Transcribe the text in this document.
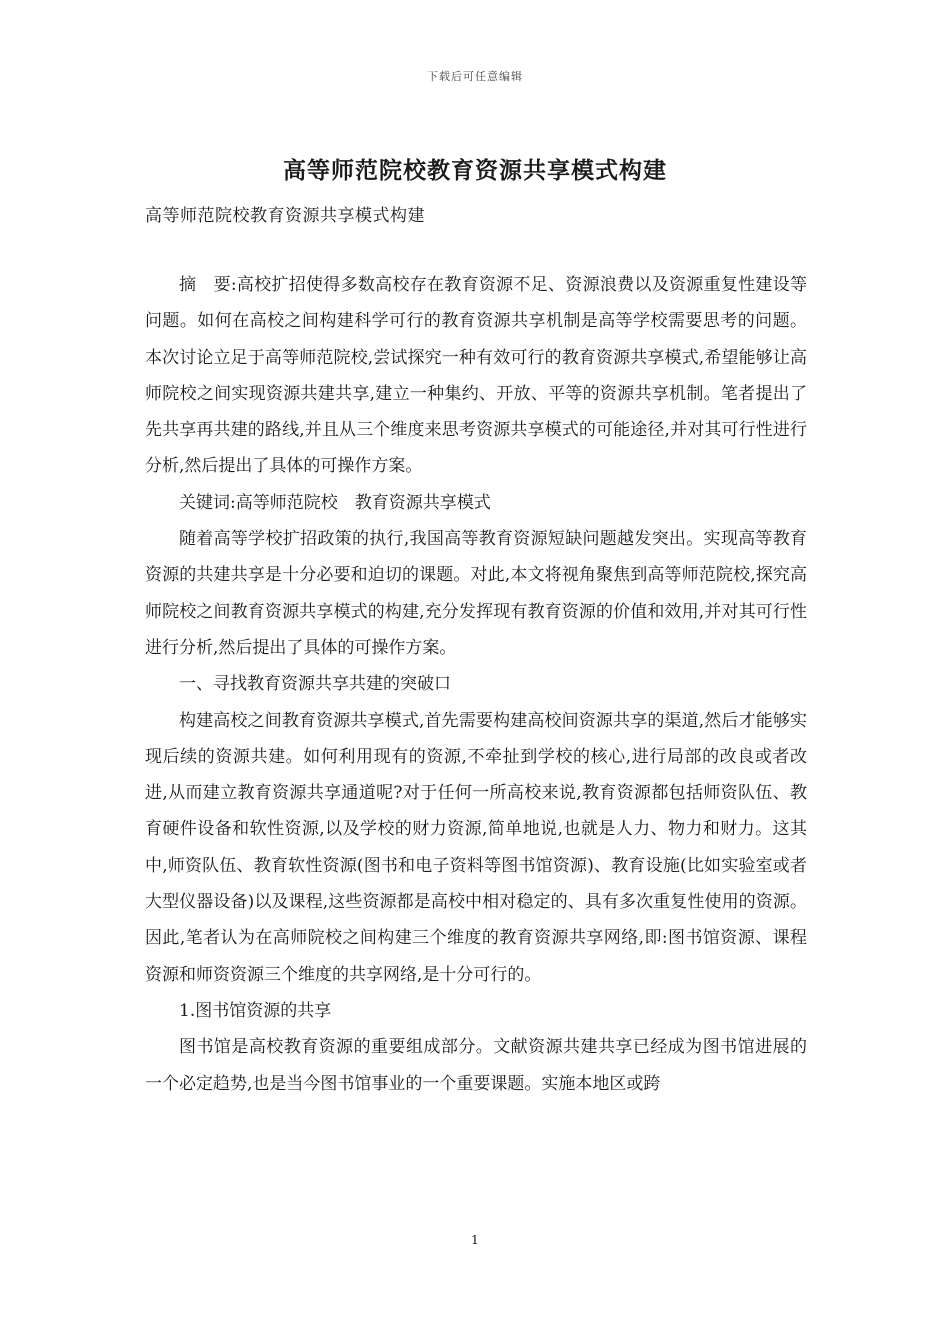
下载后可任意编辑
高等师范院校教育资源共享模式构建
高等师范院校教育资源共享模式构建

摘　要:高校扩招使得多数高校存在教育资源不足、资源浪费以及资源重复性建设等问题。如何在高校之间构建科学可行的教育资源共享机制是高等学校需要思考的问题。本次讨论立足于高等师范院校,尝试探究一种有效可行的教育资源共享模式,希望能够让高师院校之间实现资源共建共享,建立一种集约、开放、平等的资源共享机制。笔者提出了先共享再共建的路线,并且从三个维度来思考资源共享模式的可能途径,并对其可行性进行分析,然后提出了具体的可操作方案。

关键词:高等师范院校　教育资源共享模式

随着高等学校扩招政策的执行,我国高等教育资源短缺问题越发突出。实现高等教育资源的共建共享是十分必要和迫切的课题。对此,本文将视角聚焦到高等师范院校,探究高师院校之间教育资源共享模式的构建,充分发挥现有教育资源的价值和效用,并对其可行性进行分析,然后提出了具体的可操作方案。

一、寻找教育资源共享共建的突破口

构建高校之间教育资源共享模式,首先需要构建高校间资源共享的渠道,然后才能够实现后续的资源共建。如何利用现有的资源,不牵扯到学校的核心,进行局部的改良或者改进,从而建立教育资源共享通道呢?对于任何一所高校来说,教育资源都包括师资队伍、教育硬件设备和软性资源,以及学校的财力资源,简单地说,也就是人力、物力和财力。这其中,师资队伍、教育软性资源(图书和电子资料等图书馆资源)、教育设施(比如实验室或者大型仪器设备)以及课程,这些资源都是高校中相对稳定的、具有多次重复性使用的资源。因此,笔者认为在高师院校之间构建三个维度的教育资源共享网络,即:图书馆资源、课程资源和师资资源三个维度的共享网络,是十分可行的。

1.图书馆资源的共享

图书馆是高校教育资源的重要组成部分。文献资源共建共享已经成为图书馆进展的一个必定趋势,也是当今图书馆事业的一个重要课题。实施本地区或跨

1
